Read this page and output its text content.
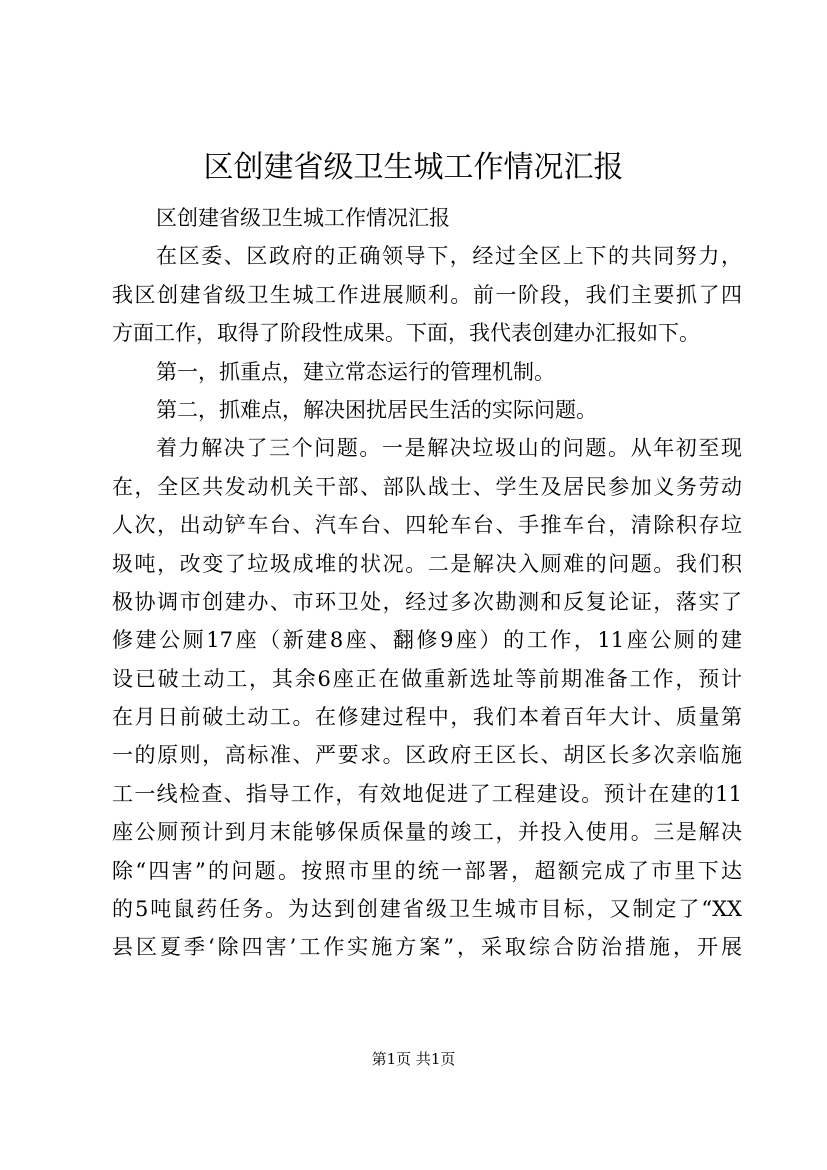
区创建省级卫生城工作情况汇报
区创建省级卫生城工作情况汇报
在区委、区政府的正确领导下，经过全区上下的共同努力，
我区创建省级卫生城工作进展顺利。前一阶段，我们主要抓了四
方面工作，取得了阶段性成果。下面，我代表创建办汇报如下。
第一，抓重点，建立常态运行的管理机制。
第二，抓难点，解决困扰居民生活的实际问题。
着力解决了三个问题。一是解决垃圾山的问题。从年初至现
在，全区共发动机关干部、部队战士、学生及居民参加义务劳动
人次，出动铲车台、汽车台、四轮车台、手推车台，清除积存垃
圾吨，改变了垃圾成堆的状况。二是解决入厕难的问题。我们积
极协调市创建办、市环卫处，经过多次勘测和反复论证，落实了
修建公厕17座（新建8座、翻修9座）的工作，11座公厕的建
设已破土动工，其余6座正在做重新选址等前期准备工作，预计
在月日前破土动工。在修建过程中，我们本着百年大计、质量第
一的原则，高标准、严要求。区政府王区长、胡区长多次亲临施
工一线检查、指导工作，有效地促进了工程建设。预计在建的11
座公厕预计到月末能够保质保量的竣工，并投入使用。三是解决
除“四害”的问题。按照市里的统一部署，超额完成了市里下达
的5吨鼠药任务。为达到创建省级卫生城市目标，又制定了“XX
县区夏季‘除四害’工作实施方案”，采取综合防治措施，开展
第1页 共1页
